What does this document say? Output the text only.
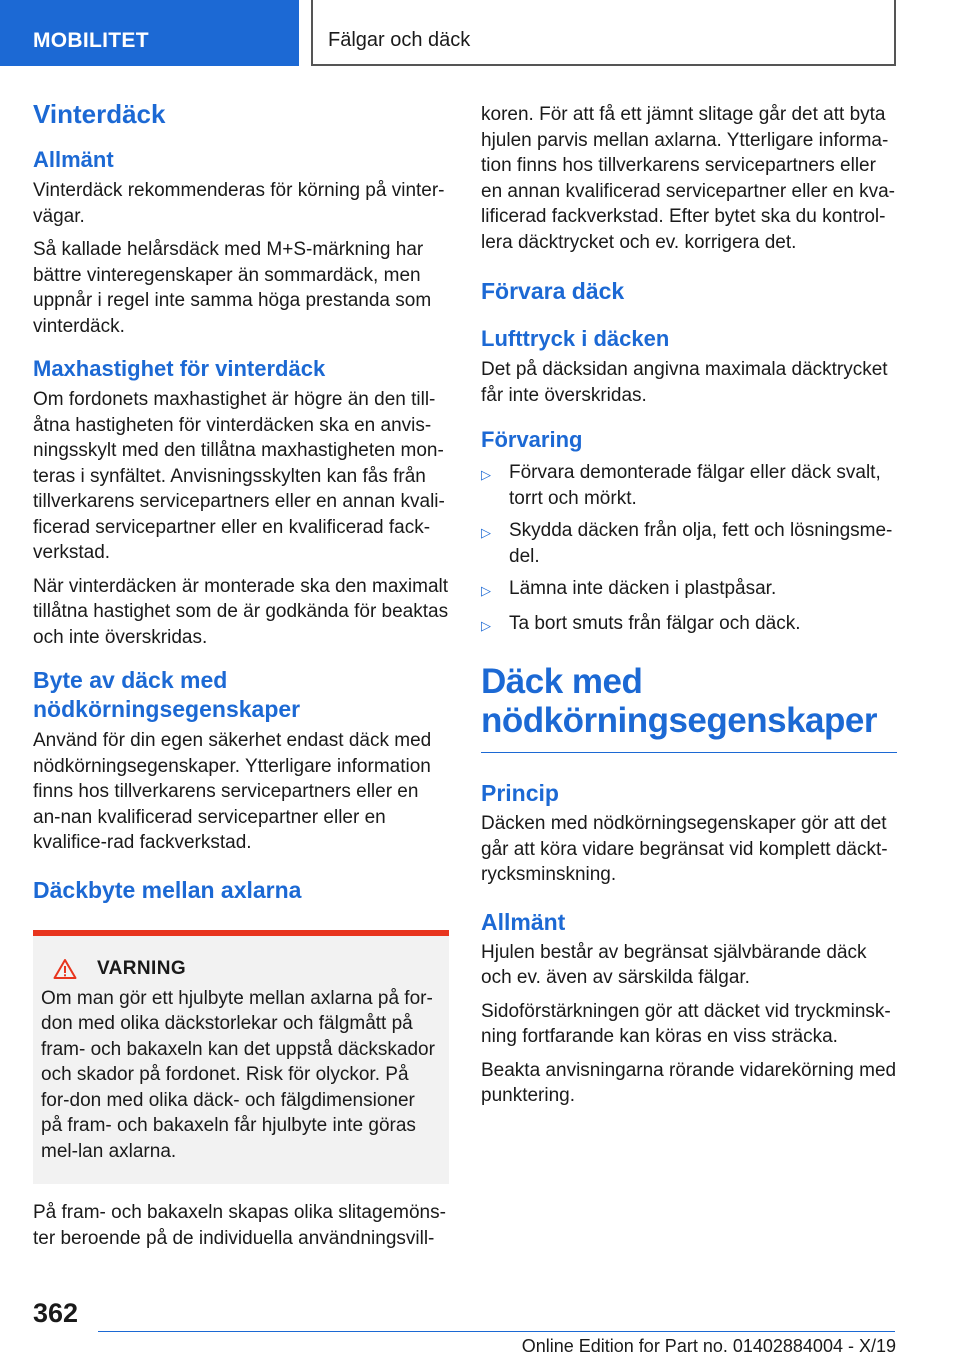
MOBILITET	Fälgar och däck
Vinterdäck
Allmänt

Vinterdäck rekommenderas för körning på vinter-vägar.

Så kallade helårsdäck med M+S-märkning har bättre vinteregenskaper än sommardäck, men uppnår i regel inte samma höga prestanda som vinterdäck.

Maxhastighet för vinterdäck

Om fordonets maxhastighet är högre än den till-åtna hastigheten för vinterdäcken ska en anvis-ningsskylt med den tillåtna maxhastigheten mon-teras i synfältet. Anvisningsskylten kan fås från tillverkarens servicepartners eller en annan kvali-ficerad servicepartner eller en kvalificerad fack-verkstad.

När vinterdäcken är monterade ska den maximalt tillåtna hastighet som de är godkända för beaktas och inte överskridas.

Byte av däck med nödkörningsegenskaper

Använd för din egen säkerhet endast däck med nödkörningsegenskaper. Ytterligare information finns hos tillverkarens servicepartners eller en an-nan kvalificerad servicepartner eller en kvalifice-rad fackverkstad.

Däckbyte mellan axlarna
VARNING

Om man gör ett hjulbyte mellan axlarna på for-don med olika däckstorlekar och fälgmått på fram- och bakaxeln kan det uppstå däckskador och skador på fordonet. Risk för olyckor. På for-don med olika däck- och fälgdimensioner på fram- och bakaxeln får hjulbyte inte göras mel-lan axlarna.

På fram- och bakaxeln skapas olika slitagemöns-ter beroende på de individuella användningsvill-

koren. För att få ett jämnt slitage går det att byta hjulen parvis mellan axlarna. Ytterligare informa-tion finns hos tillverkarens servicepartners eller en annan kvalificerad servicepartner eller en kva-lificerad fackverkstad. Efter bytet ska du kontrol-lera däcktrycket och ev. korrigera det.

Förvara däck
Lufttryck i däcken

Det på däcksidan angivna maximala däcktrycket får inte överskridas.

Förvaring
▷ Förvara demonterade fälgar eller däck svalt, torrt och mörkt.
▷ Skydda däcken från olja, fett och lösningsme-del.
▷ Lämna inte däcken i plastpåsar.
▷ Ta bort smuts från fälgar och däck.
Däck med nödkörningsegenskaper
Princip

Däcken med nödkörningsegenskaper gör att det går att köra vidare begränsat vid komplett däckt-rycksminskning.

Allmänt

Hjulen består av begränsat självbärande däck och ev. även av särskilda fälgar.

Sidoförstärkningen gör att däcket vid tryckminsk-ning fortfarande kan köras en viss sträcka.

Beakta anvisningarna rörande vidarekörning med punktering.

362
Online Edition for Part no. 01402884004 - X/19
